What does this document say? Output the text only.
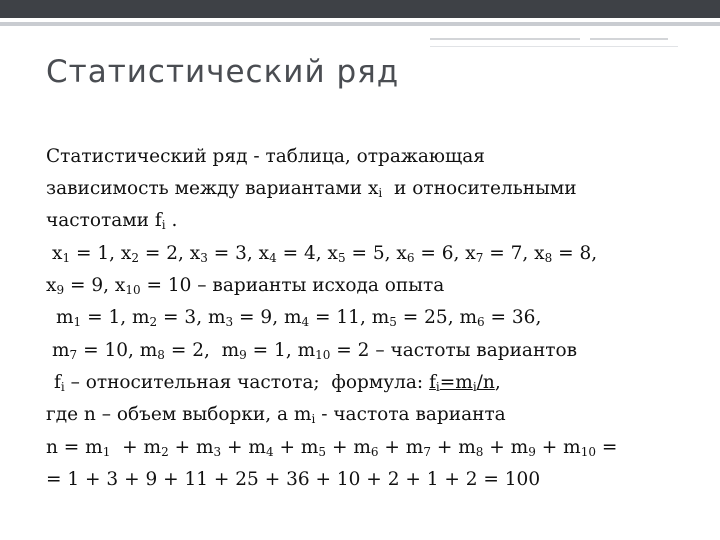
Статистический ряд
Статистический ряд - таблица, отражающая
зависимость между вариантами $x_i$  и относительными
частотами $f_i$ .
$x_1 = 1$, $x_2 = 2$, $x_3 = 3$, $x_4 = 4$, $x_5 = 5$, $x_6 = 6$, $x_7 = 7$, $x_8 = 8$,
$x_9 = 9$, $x_{10} = 10$ – варианты исхода опыта
$m_1 = 1$, $m_2 = 3$, $m_3 = 9$, $m_4 = 11$, $m_5 = 25$, $m_6 = 36$,
$m_7 = 10$, $m_8 = 2$,  $m_9 = 1$, $m_{10} = 2$ – частоты вариантов
$f_i$ – относительная частота;  формула: $f_i=m_i/n$,
где n – объем выборки, а $m_i$ - частота варианта
$n = m_1 + m_2 + m_3 + m_4 + m_5 + m_6 + m_7 + m_8 + m_9 + m_{10}$ =
= 1 + 3 + 9 + 11 + 25 + 36 + 10 + 2 + 1 + 2 = 100
